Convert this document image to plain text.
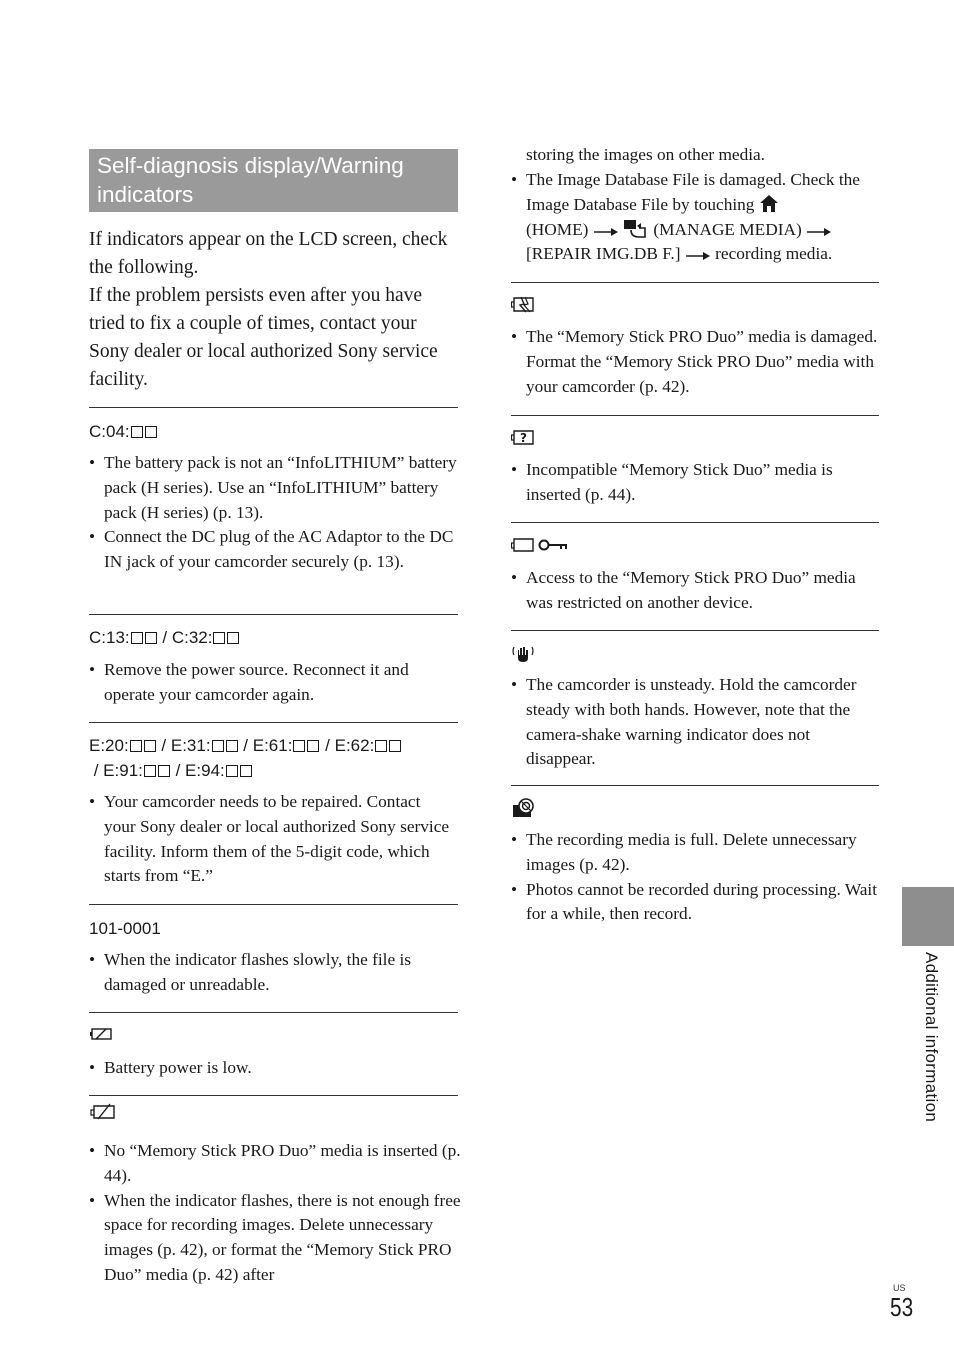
Self-diagnosis display/Warning indicators

If indicators appear on the LCD screen, check the following.

If the problem persists even after you have tried to fix a couple of times, contact your Sony dealer or local authorized Sony service facility.

C:04:
• The battery pack is not an “InfoLITHIUM” battery pack (H series). Use an “InfoLITHIUM” battery pack (H series) (p. 13).
• Connect the DC plug of the AC Adaptor to the DC IN jack of your camcorder securely (p. 13).
C:13: / C:32:
• Remove the power source. Reconnect it and operate your camcorder again.
E:20: / E:31: / E:61: / E:62:
/ E:91: / E:94:
• Your camcorder needs to be repaired. Contact your Sony dealer or local authorized Sony service facility. Inform them of the 5-digit code, which starts from “E.”
101-0001
• When the indicator flashes slowly, the file is damaged or unreadable.
• Battery power is low.
• No “Memory Stick PRO Duo” media is inserted (p. 44).
• When the indicator flashes, there is not enough free space for recording images. Delete unnecessary images (p. 42), or format the “Memory Stick PRO Duo” media (p. 42) after
storing the images on other media.
• The Image Database File is damaged. Check the Image Database File by touching
(HOME)	(MANAGE MEDIA)
[REPAIR IMG.DB F.] recording media.
• The “Memory Stick PRO Duo” media is damaged. Format the “Memory Stick PRO Duo” media with your camcorder (p. 42).
?
• Incompatible “Memory Stick Duo” media is inserted (p. 44).
• Access to the “Memory Stick PRO Duo” media was restricted on another device.
• The camcorder is unsteady. Hold the camcorder steady with both hands. However, note that the camera-shake warning indicator does not disappear.
• The recording media is full. Delete unnecessary images (p. 42).
• Photos cannot be recorded during processing. Wait for a while, then record.
Additional information
US
53
